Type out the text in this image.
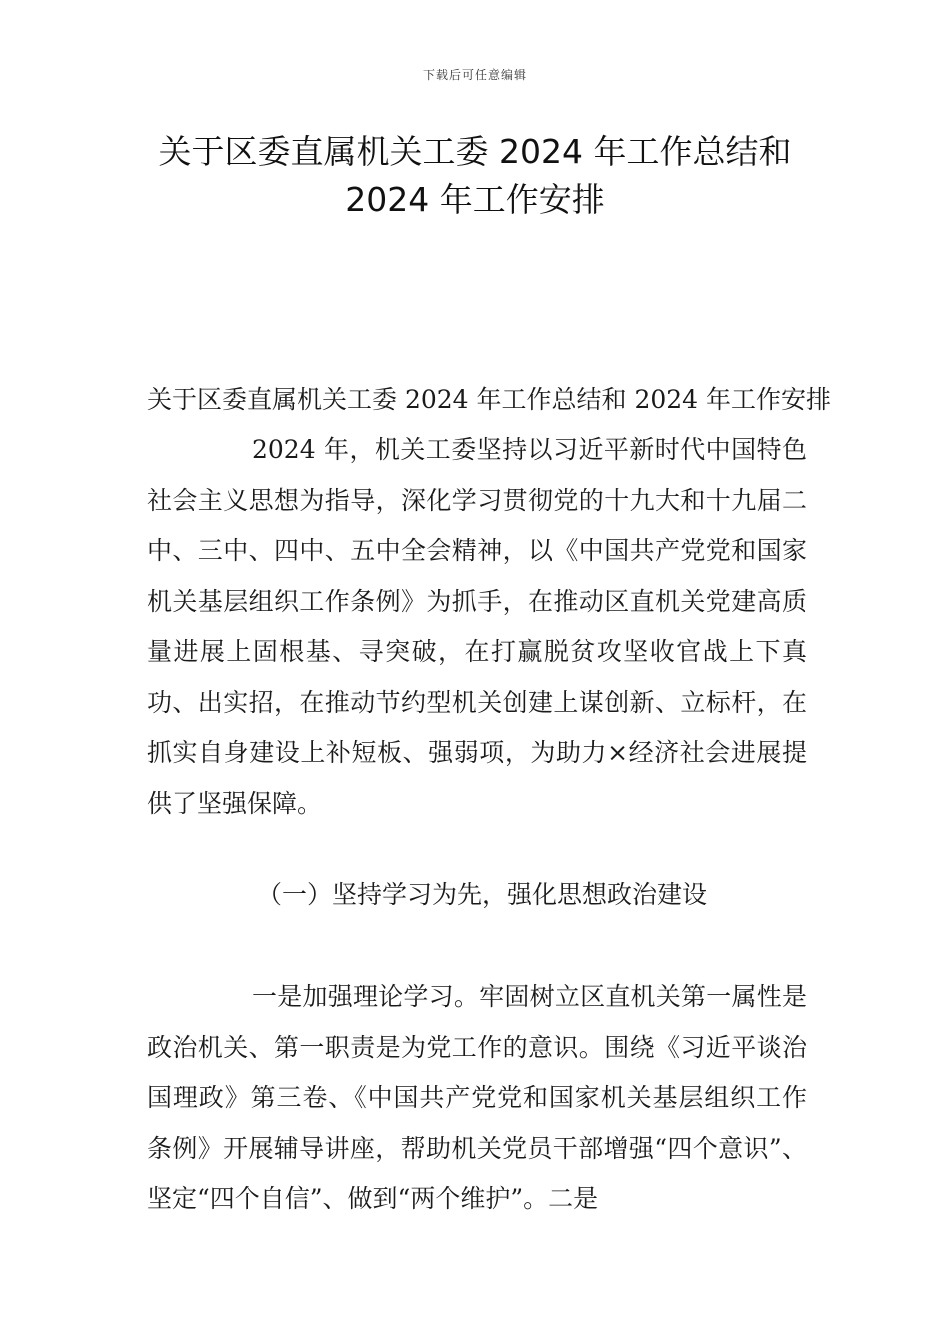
下载后可任意编辑
关于区委直属机关工委 2024 年工作总结和
2024 年工作安排
关于区委直属机关工委 2024 年工作总结和 2024 年工作安排

2024 年，机关工委坚持以习近平新时代中国特色社会主义思想为指导，深化学习贯彻党的十九大和十九届二中、三中、四中、五中全会精神，以《中国共产党党和国家机关基层组织工作条例》为抓手，在推动区直机关党建高质量进展上固根基、寻突破，在打赢脱贫攻坚收官战上下真功、出实招，在推动节约型机关创建上谋创新、立标杆，在抓实自身建设上补短板、强弱项，为助力×经济社会进展提供了坚强保障。

（一）坚持学习为先，强化思想政治建设

一是加强理论学习。牢固树立区直机关第一属性是政治机关、第一职责是为党工作的意识。围绕《习近平谈治国理政》第三卷、《中国共产党党和国家机关基层组织工作条例》开展辅导讲座，帮助机关党员干部增强“四个意识”、坚定“四个自信”、做到“两个维护”。二是
